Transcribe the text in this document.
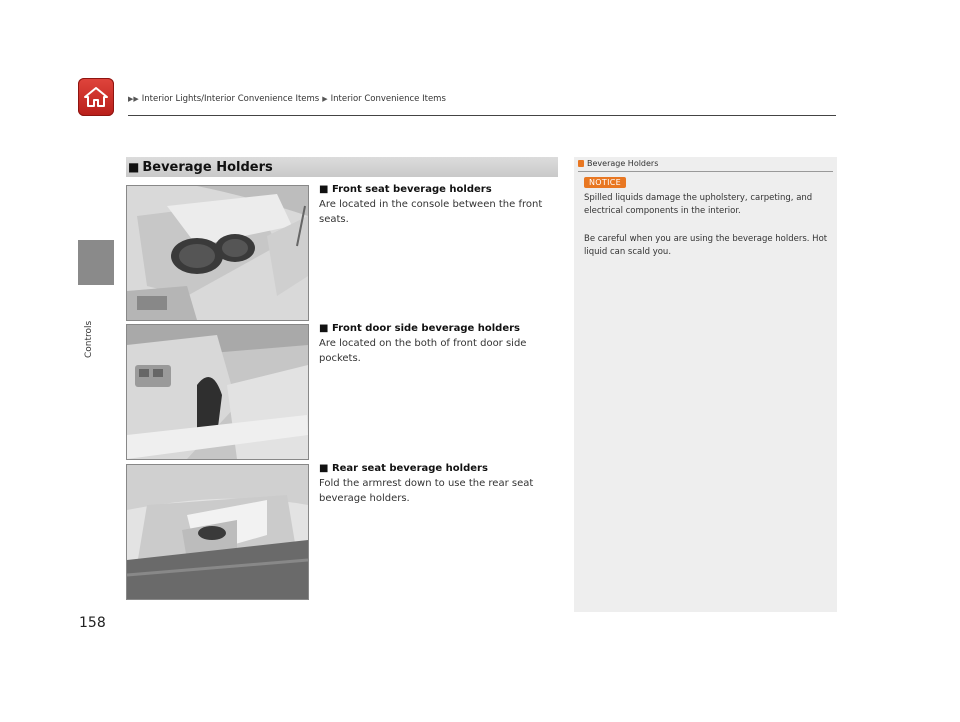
▶▶ Interior Lights/Interior Convenience Items ▶ Interior Convenience Items
Controls
■ Beverage Holders
■ Front seat beverage holders
Are located in the console between the front seats.
■ Front door side beverage holders
Are located on the both of front door side pockets.
■ Rear seat beverage holders
Fold the armrest down to use the rear seat beverage holders.
Beverage Holders
NOTICE
Spilled liquids damage the upholstery, carpeting, and electrical components in the interior.
Be careful when you are using the beverage holders. Hot liquid can scald you.
158
